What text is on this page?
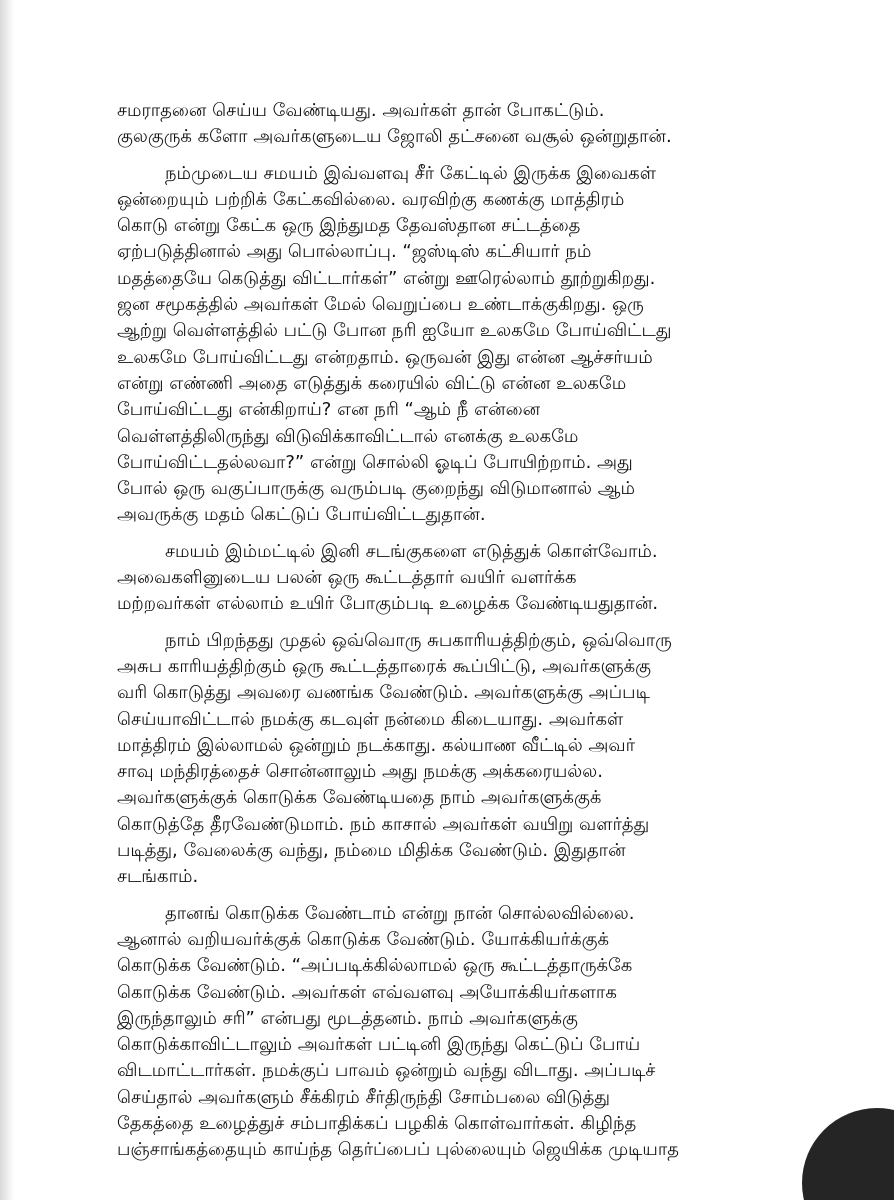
சமராதனை செய்ய வேண்டியது. அவர்கள் தான் போகட்டும்.
குலகுருக் களோ அவர்களுடைய ஜோலி தட்சனை வசூல் ஒன்றுதான்.

நம்முடைய சமயம் இவ்வளவு சீர் கேட்டில் இருக்க இவைகள்
ஒன்றையும் பற்றிக் கேட்கவில்லை. வரவிற்கு கணக்கு மாத்திரம்
கொடு என்று கேட்க ஒரு இந்துமத தேவஸ்தான சட்டத்தை
ஏற்படுத்தினால் அது பொல்லாப்பு. “ஜஸ்டிஸ் கட்சியார் நம்
மதத்தையே கெடுத்து விட்டார்கள்” என்று ஊரெல்லாம் தூற்றுகிறது.
ஜன சமூகத்தில் அவர்கள் மேல் வெறுப்பை உண்டாக்குகிறது. ஒரு
ஆற்று வெள்ளத்தில் பட்டு போன நரி ஐயோ உலகமே போய்விட்டது
உலகமே போய்விட்டது என்றதாம். ஒருவன் இது என்ன ஆச்சர்யம்
என்று எண்ணி அதை எடுத்துக் கரையில் விட்டு என்ன உலகமே
போய்விட்டது என்கிறாய்? என நரி “ஆம் நீ என்னை
வெள்ளத்திலிருந்து விடுவிக்காவிட்டால் எனக்கு உலகமே
போய்விட்டதல்லவா?” என்று சொல்லி ஓடிப் போயிற்றாம். அது
போல் ஒரு வகுப்பாருக்கு வரும்படி குறைந்து விடுமானால் ஆம்
அவருக்கு மதம் கெட்டுப் போய்விட்டதுதான்.

சமயம் இம்மட்டில் இனி சடங்குகளை எடுத்துக் கொள்வோம்.
அவைகளினுடைய பலன் ஒரு கூட்டத்தார் வயிர் வளர்க்க
மற்றவர்கள் எல்லாம் உயிர் போகும்படி உழைக்க வேண்டியதுதான்.

நாம் பிறந்தது முதல் ஒவ்வொரு சுபகாரியத்திற்கும், ஒவ்வொரு
அசுப காரியத்திற்கும் ஒரு கூட்டத்தாரைக் கூப்பிட்டு, அவர்களுக்கு
வரி கொடுத்து அவரை வணங்க வேண்டும். அவர்களுக்கு அப்படி
செய்யாவிட்டால் நமக்கு கடவுள் நன்மை கிடையாது. அவர்கள்
மாத்திரம் இல்லாமல் ஒன்றும் நடக்காது. கல்யாண வீட்டில் அவர்
சாவு மந்திரத்தைச் சொன்னாலும் அது நமக்கு அக்கரையல்ல.
அவர்களுக்குக் கொடுக்க வேண்டியதை நாம் அவர்களுக்குக்
கொடுத்தே தீரவேண்டுமாம். நம் காசால் அவர்கள் வயிறு வளர்த்து
படித்து, வேலைக்கு வந்து, நம்மை மிதிக்க வேண்டும். இதுதான்
சடங்காம்.

தானங் கொடுக்க வேண்டாம் என்று நான் சொல்லவில்லை.
ஆனால் வறியவர்க்குக் கொடுக்க வேண்டும். யோக்கியர்க்குக்
கொடுக்க வேண்டும். “அப்படிக்கில்லாமல் ஒரு கூட்டத்தாருக்கே
கொடுக்க வேண்டும். அவர்கள் எவ்வளவு அயோக்கியர்களாக
இருந்தாலும் சரி” என்பது மூடத்தனம். நாம் அவர்களுக்கு
கொடுக்காவிட்டாலும் அவர்கள் பட்டினி இருந்து கெட்டுப் போய்
விடமாட்டார்கள். நமக்குப் பாவம் ஒன்றும் வந்து விடாது. அப்படிச்
செய்தால் அவர்களும் சீக்கிரம் சீர்திருந்தி சோம்பலை விடுத்து
தேகத்தை உழைத்துச் சம்பாதிக்கப் பழகிக் கொள்வார்கள். கிழிந்த
பஞ்சாங்கத்தையும் காய்ந்த தெர்ப்பைப் புல்லையும் ஜெயிக்க முடியாத
